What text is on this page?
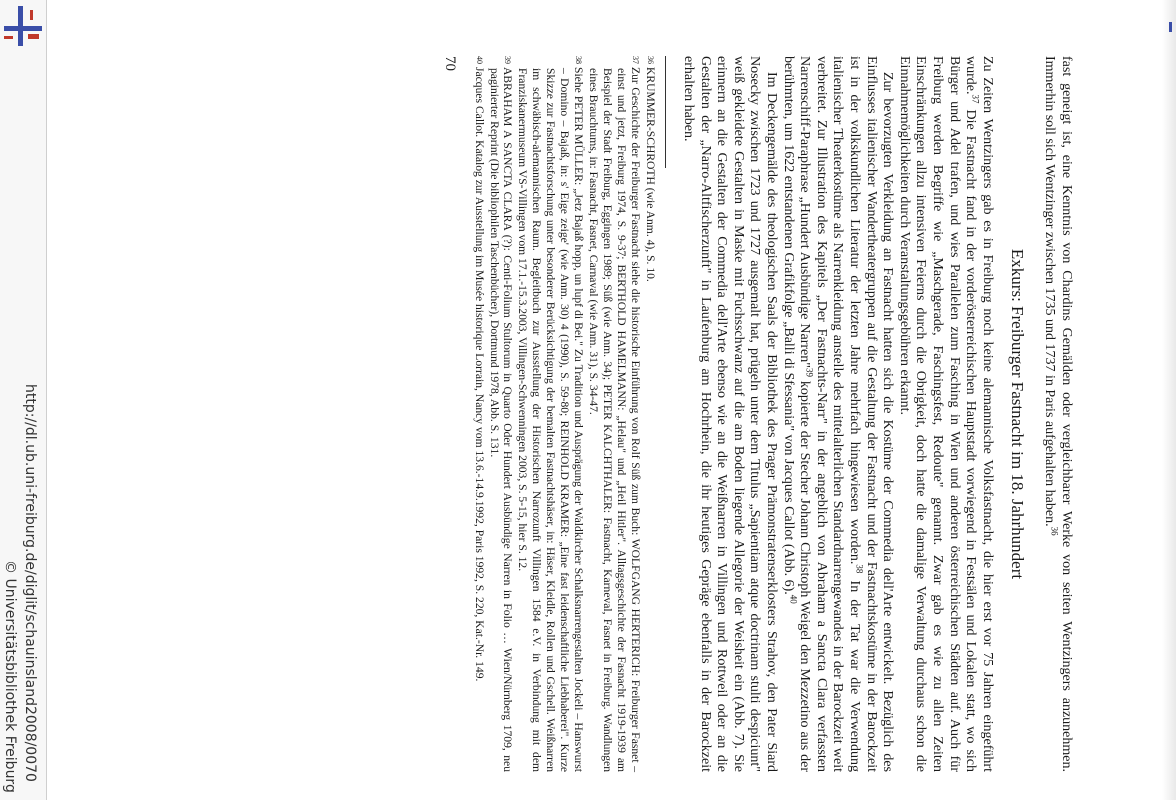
http://dl.ub.uni-freiburg.de/diglit/schauinsland2008/0070
© Universitätsbibliothek Freiburg	fast geneigt ist, eine Kenntnis von Chardins Gemälden oder vergleichbarer Werke von seiten Wentzingers anzunehmen. Immerhin soll sich Wentzinger zwischen 1735 und 1737 in Paris aufgehalten haben.$^{36}$

Exkurs: Freiburger Fastnacht im 18. Jahrhundert

Zu Zeiten Wentzingers gab es in Freiburg noch keine alemannische Volksfastnacht, die hier erst vor 75 Jahren eingeführt wurde.$^{37}$ Die Fastnacht fand in der vorderösterreichischen Hauptstadt vorwiegend in Festsälen und Lokalen statt, wo sich Bürger und Adel trafen, und wies Parallelen zum Fasching in Wien und anderen österreichischen Städten auf. Auch für Freiburg werden Begriffe wie „Maschgerade, Faschingsfest, Redoute" genannt. Zwar gab es wie zu allen Zeiten Einschränkungen allzu intensiven Feierns durch die Obrigkeit, doch hatte die damalige Verwaltung durchaus schon die Einnahmemöglichkeiten durch Veranstaltungsgebühren erkannt.

Zur bevorzugten Verkleidung an Fastnacht hatten sich die Kostüme der Commedia dell'Arte entwickelt. Bezüglich des Einflusses italienischer Wandertheatergruppen auf die Gestaltung der Fastnacht und der Fastnachtskostüme in der Barockzeit ist in der volkskundlichen Literatur der letzten Jahre mehrfach hingewiesen worden.$^{38}$ In der Tat war die Verwendung italienischer Theaterkostüme als Narrenkleidung anstelle des mittelalterlichen Standardnarrengewandes in der Barockzeit weit verbreitet. Zur Illustration des Kapitels „Der Fastnachts-Narr" in der angeblich von Abraham a Sancta Clara verfassten Narrenschiff-Paraphrase „Hundert Ausbündige Narren"$^{39}$ kopierte der Stecher Johann Christoph Weigel den Mezzetino aus der berühmten, um 1622 entstandenen Grafikfolge „Balli di Sfessania" von Jacques Callot (Abb. 6).$^{40}$

Im Deckengemälde des theologischen Saals der Bibliothek des Prager Prämonstratenserklosters Strahov, den Pater Siard Nosecky zwischen 1723 und 1727 ausgemalt hat, prügeln unter dem Titulus „Sapientiam atque doctrinam stulti despiciunt" weiß gekleidete Gestalten in Maske mit Fuchsschwanz auf die am Boden liegende Allegorie der Weisheit ein (Abb. 7). Sie erinnern an die Gestalten der Commedia dell'Arte ebenso wie an die Weißnarren in Villingen und Rottweil oder an die Gestalten der „Narro-Altfischerzunft" in Laufenburg am Hochrhein, die ihr heutiges Gepräge ebenfalls in der Barockzeit erhalten haben.

$^{36}$KRUMMER-SCHROTH (wie Anm. 4), S. 10.

$^{37}$Zur Geschichte der Freiburger Fastnacht siehe die historische Einführung von Rolf Süß zum Buch: WOLFGANG HERTERICH: Freiburger Fasnet – einst und jetzt, Freiburg 1974, S. 9-37; BERTHOLD HAMELMANN: „Helau" und „Heil Hitler". Alltagsgeschichte der Fasnacht 1919-1939 am Beispiel der Stadt Freiburg, Eggingen 1989; Süß (wie Anm. 34); PETER KALCHTHALER: Fastnacht, Karneval, Fasnet in Freiburg. Wandlungen eines Brauchtums, in: Fasnacht, Fasnet, Carnaval (wie Anm. 31), S. 34-47.

$^{38}$Siehe PETER MÜLLER: „Jetz Bajaß hopp, un lupf di Bei." Zu Tradition und Ausprägung der Waldkircher Schalksnarrengestalten Jockeli – Hanswurst – Domino – Bajaß, in: s' Eige zeige' (wie Anm. 30) 4 (1990), S. 59-80; REINHOLD KRAMER: „Eine fast leidenschaftliche Liebhaberei". Kurze Skizze zur Fastnachtsforschung unter besonderer Berücksichtigung der bemalten Fastnachtshäser, in: Häser, Kleidle, Rollen und Gschell. Weißnarren im schwäbisch-alemannischen Raum. Begleitbuch zur Ausstellung der Historischen Narrozunft Villingen 1584 e.V. in Verbindung mit dem Franziskanermuseum VS-Villingen vom 17.1.-15.3.2003, Villingen-Schwenningen 2003, S. 5-15, hier S. 12.

$^{39}$ABRAHAM A SANCTA CLARA (?): Centi-Folium Stultorum in Quarto Oder Hundert Ausbündige Narren in Folio … Wien/Nürnberg 1709, neu paginierter Reprint (Die bibliophilen Taschenbücher), Dortmund 1978, Abb. S. 131.

$^{40}$Jacques Callot. Katalog zur Ausstellung im Musée historique Lorrain, Nancy vom 13.6.-14.9.1992, Paris 1992, S. 220, Kat.-Nr. 149.

70
